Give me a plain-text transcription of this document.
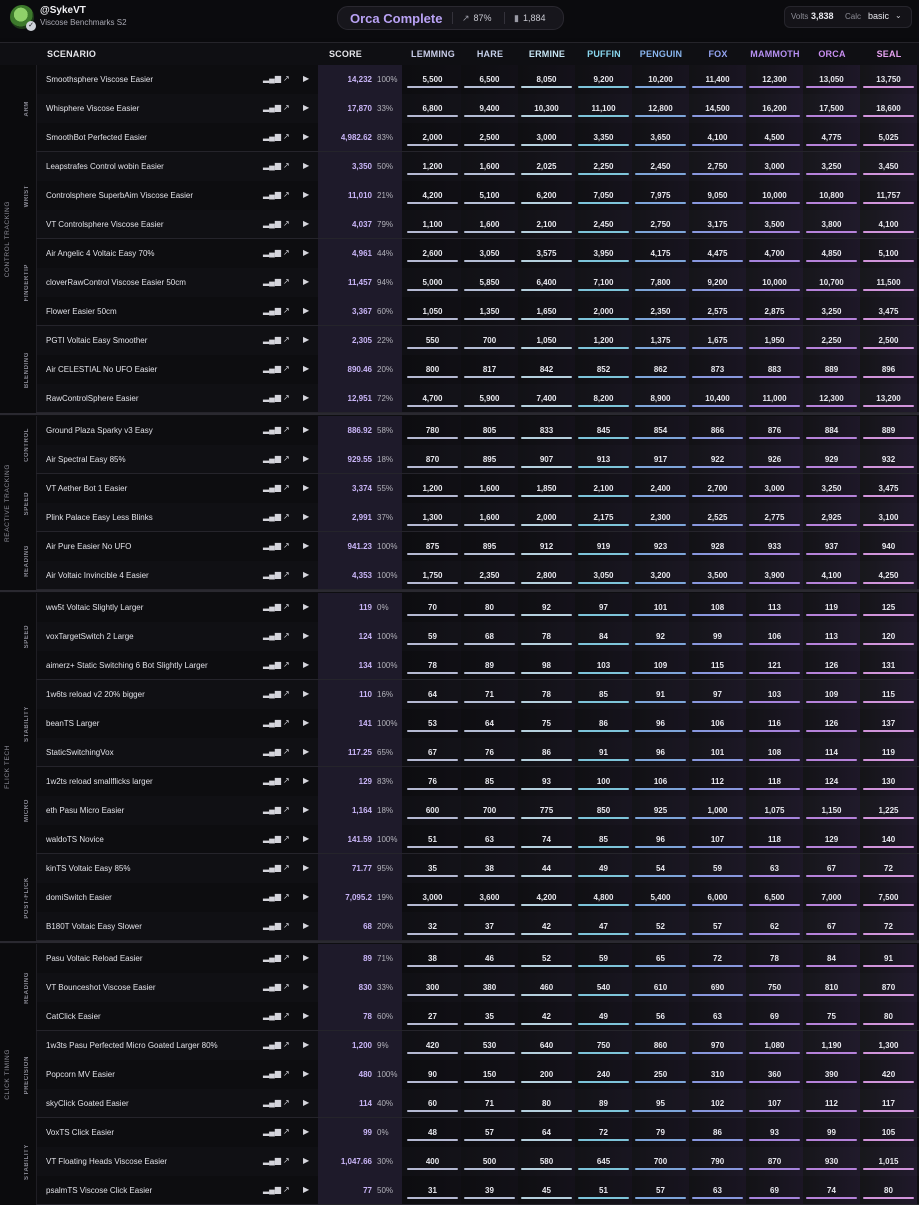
✓
@SykeVT
Viscose Benchmarks S2	Orca Complete ↗ 87% ▮ 1,884	Volts 3,838 Calc basic ⌄
SCENARIO	SCORE	LEMMING	HARE	ERMINE	PUFFIN	PENGUIN	FOX	MAMMOTH	ORCA	SEAL
Smoothsphere Viscose Easier	▂▄▆ ↗ ▶	14,232 100%	5,500	6,500	8,050	9,200	10,200	11,400	12,300	13,050	13,750
Whisphere Viscose Easier	▂▄▆ ↗ ▶	17,870 33%	6,800	9,400	10,300	11,100	12,800	14,500	16,200	17,500	18,600
SmoothBot Perfected Easier	▂▄▆ ↗ ▶	4,982.62 83%	2,000	2,500	3,000	3,350	3,650	4,100	4,500	4,775	5,025
ARM
Leapstrafes Control wobin Easier	▂▄▆ ↗ ▶	3,350 50%	1,200	1,600	2,025	2,250	2,450	2,750	3,000	3,250	3,450
Controlsphere SuperbAim Viscose Easier	▂▄▆ ↗ ▶	11,010 21%	4,200	5,100	6,200	7,050	7,975	9,050	10,000	10,800	11,757
VT Controlsphere Viscose Easier	▂▄▆ ↗ ▶	4,037 79%	1,100	1,600	2,100	2,450	2,750	3,175	3,500	3,800	4,100
WRIST
Air Angelic 4 Voltaic Easy 70%	▂▄▆ ↗ ▶	4,961 44%	2,600	3,050	3,575	3,950	4,175	4,475	4,700	4,850	5,100
cloverRawControl Viscose Easier 50cm	▂▄▆ ↗ ▶	11,457 94%	5,000	5,850	6,400	7,100	7,800	9,200	10,000	10,700	11,500
Flower Easier 50cm	▂▄▆ ↗ ▶	3,367 60%	1,050	1,350	1,650	2,000	2,350	2,575	2,875	3,250	3,475
FINGERTIP
PGTI Voltaic Easy Smoother	▂▄▆ ↗ ▶	2,305 22%	550	700	1,050	1,200	1,375	1,675	1,950	2,250	2,500
Air CELESTIAL No UFO Easier	▂▄▆ ↗ ▶	890.46 20%	800	817	842	852	862	873	883	889	896
RawControlSphere Easier	▂▄▆ ↗ ▶	12,951 72%	4,700	5,900	7,400	8,200	8,900	10,400	11,000	12,300	13,200
BLENDING
CONTROL TRACKING
Ground Plaza Sparky v3 Easy	▂▄▆ ↗ ▶	886.92 58%	780	805	833	845	854	866	876	884	889
Air Spectral Easy 85%	▂▄▆ ↗ ▶	929.55 18%	870	895	907	913	917	922	926	929	932
CONTROL
VT Aether Bot 1 Easier	▂▄▆ ↗ ▶	3,374 55%	1,200	1,600	1,850	2,100	2,400	2,700	3,000	3,250	3,475
Plink Palace Easy Less Blinks	▂▄▆ ↗ ▶	2,991 37%	1,300	1,600	2,000	2,175	2,300	2,525	2,775	2,925	3,100
SPEED
Air Pure Easier No UFO	▂▄▆ ↗ ▶	941.23 100%	875	895	912	919	923	928	933	937	940
Air Voltaic Invincible 4 Easier	▂▄▆ ↗ ▶	4,353 100%	1,750	2,350	2,800	3,050	3,200	3,500	3,900	4,100	4,250
READING
REACTIVE TRACKING
ww5t Voltaic Slightly Larger	▂▄▆ ↗ ▶	119 0%	70	80	92	97	101	108	113	119	125
voxTargetSwitch 2 Large	▂▄▆ ↗ ▶	124 100%	59	68	78	84	92	99	106	113	120
aimerz+ Static Switching 6 Bot Slightly Larger	▂▄▆ ↗ ▶	134 100%	78	89	98	103	109	115	121	126	131
SPEED
1w6ts reload v2 20% bigger	▂▄▆ ↗ ▶	110 16%	64	71	78	85	91	97	103	109	115
beanTS Larger	▂▄▆ ↗ ▶	141 100%	53	64	75	86	96	106	116	126	137
StaticSwitchingVox	▂▄▆ ↗ ▶	117.25 65%	67	76	86	91	96	101	108	114	119
STABILITY
1w2ts reload smallflicks larger	▂▄▆ ↗ ▶	129 83%	76	85	93	100	106	112	118	124	130
eth Pasu Micro Easier	▂▄▆ ↗ ▶	1,164 18%	600	700	775	850	925	1,000	1,075	1,150	1,225
waldoTS Novice	▂▄▆ ↗ ▶	141.59 100%	51	63	74	85	96	107	118	129	140
MICRO
kinTS Voltaic Easy 85%	▂▄▆ ↗ ▶	71.77 95%	35	38	44	49	54	59	63	67	72
domiSwitch Easier	▂▄▆ ↗ ▶	7,095.2 19%	3,000	3,600	4,200	4,800	5,400	6,000	6,500	7,000	7,500
B180T Voltaic Easy Slower	▂▄▆ ↗ ▶	68 20%	32	37	42	47	52	57	62	67	72
POST-FLICK
FLICK TECH
Pasu Voltaic Reload Easier	▂▄▆ ↗ ▶	89 71%	38	46	52	59	65	72	78	84	91
VT Bounceshot Viscose Easier	▂▄▆ ↗ ▶	830 33%	300	380	460	540	610	690	750	810	870
CatClick Easier	▂▄▆ ↗ ▶	78 60%	27	35	42	49	56	63	69	75	80
READING
1w3ts Pasu Perfected Micro Goated Larger 80%	▂▄▆ ↗ ▶	1,200 9%	420	530	640	750	860	970	1,080	1,190	1,300
Popcorn MV Easier	▂▄▆ ↗ ▶	480 100%	90	150	200	240	250	310	360	390	420
skyClick Goated Easier	▂▄▆ ↗ ▶	114 40%	60	71	80	89	95	102	107	112	117
PRECISION
VoxTS Click Easier	▂▄▆ ↗ ▶	99 0%	48	57	64	72	79	86	93	99	105
VT Floating Heads Viscose Easier	▂▄▆ ↗ ▶	1,047.66 30%	400	500	580	645	700	790	870	930	1,015
psalmTS Viscose Click Easier	▂▄▆ ↗ ▶	77 50%	31	39	45	51	57	63	69	74	80
STABILITY
CLICK TIMING
